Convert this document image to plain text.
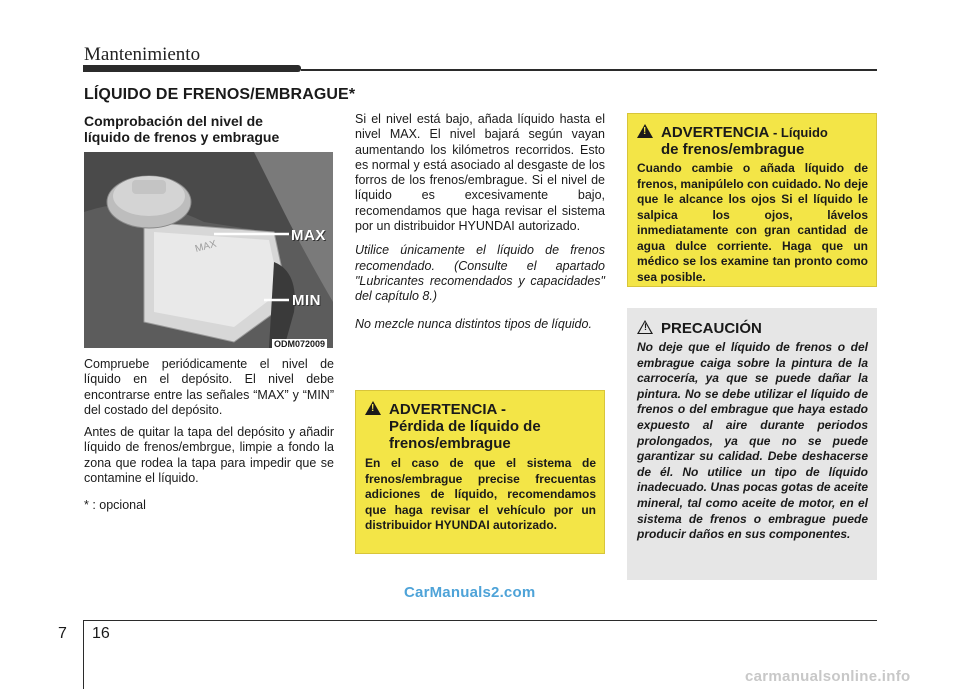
Mantenimiento
LÍQUIDO DE FRENOS/EMBRAGUE*
Comprobación del nivel de
líquido de frenos y embrague
MAX
MAX
MIN
ODM072009

Compruebe periódicamente el nivel de líquido en el depósito. El nivel debe encontrarse entre las señales “MAX” y “MIN” del costado del depósito.

Antes de quitar la tapa del depósito y añadir líquido de frenos/embrgue, limpie a fondo la zona que rodea la tapa para impedir que se contamine el líquido.

* : opcional

Si el nivel está bajo, añada líquido hasta el nivel MAX. El nivel bajará según vayan aumentando los kilómetros recorridos. Esto es normal y está asociado al desgaste de los forros de los frenos/embrague. Si el nivel de líquido es excesivamente bajo, recomendamos que haga revisar el sistema por un distribuidor HYUNDAI autorizado.

Utilice únicamente el líquido de frenos recomendado. (Consulte el apartado "Lubricantes recomendados y capacidades" del capítulo 8.)

No mezcle nunca distintos tipos de líquido.

! ADVERTENCIA - Líquido
de frenos/embrague
Cuando cambie o añada líquido de frenos, manipúlelo con cuidado. No deje que le alcance los ojos Si el líquido le salpica los ojos, lávelos inmediatamente con gran cantidad de agua dulce corriente. Haga que un médico se los examine tan pronto como sea posible.
! ADVERTENCIA -
Pérdida de líquido de
frenos/embrague
En el caso de que el sistema de frenos/embrague precise frecuentas adiciones de líquido, recomendamos que haga revisar el vehículo por un distribuidor HYUNDAI autorizado.
! PRECAUCIÓN
No deje que el líquido de frenos o del embrague caiga sobre la pintura de la carrocería, ya que se puede dañar la pintura. No se debe utilizar el líquido de frenos o del embrague que haya estado expuesto al aire durante periodos prolongados, ya que no se puede garantizar su calidad. Debe deshacerse de él. No utilice un tipo de líquido inadecuado. Unas pocas gotas de aceite mineral, tal como aceite de motor, en el sistema de frenos o embrague puede producir daños en sus componentes.
CarManuals2.com
7 16
carmanualsonline.info
